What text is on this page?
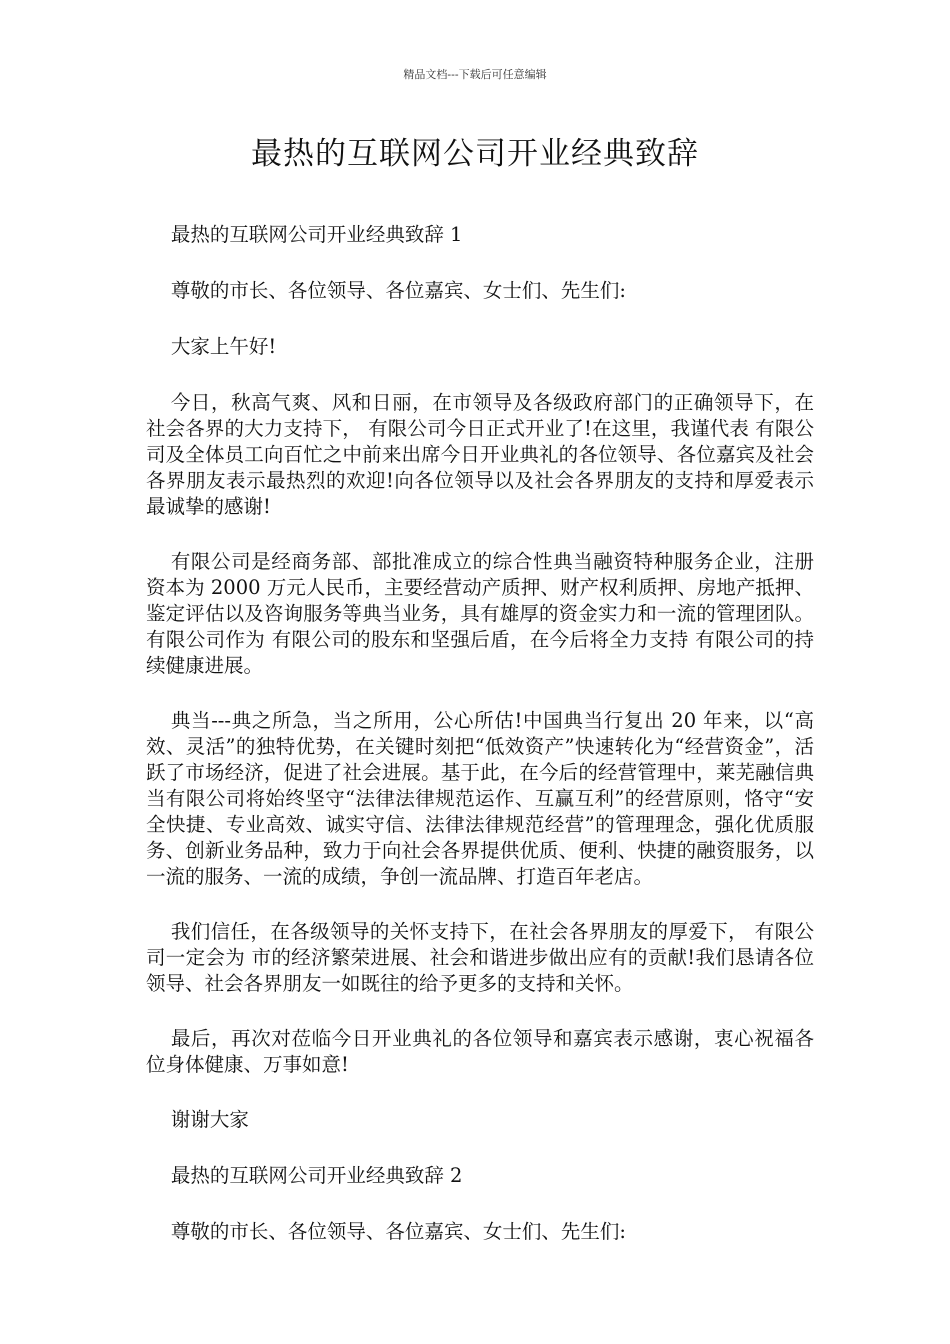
精品文档---下载后可任意编辑
最热的互联网公司开业经典致辞

最热的互联网公司开业经典致辞 1

尊敬的市长、各位领导、各位嘉宾、女士们、先生们:

大家上午好!

今日，秋高气爽、风和日丽，在市领导及各级政府部门的正确领导下，在社会各界的大力支持下， 有限公司今日正式开业了!在这里，我谨代表 有限公司及全体员工向百忙之中前来出席今日开业典礼的各位领导、各位嘉宾及社会各界朋友表示最热烈的欢迎!向各位领导以及社会各界朋友的支持和厚爱表示最诚挚的感谢!

有限公司是经商务部、部批准成立的综合性典当融资特种服务企业，注册资本为 2000 万元人民币，主要经营动产质押、财产权利质押、房地产抵押、鉴定评估以及咨询服务等典当业务，具有雄厚的资金实力和一流的管理团队。 有限公司作为 有限公司的股东和坚强后盾，在今后将全力支持 有限公司的持续健康进展。

典当---典之所急，当之所用，公心所估!中国典当行复出 20 年来，以“高效、灵活”的独特优势，在关键时刻把“低效资产”快速转化为“经营资金”，活跃了市场经济，促进了社会进展。基于此，在今后的经营管理中，莱芜融信典当有限公司将始终坚守“法律法律规范运作、互赢互利”的经营原则，恪守“安全快捷、专业高效、诚实守信、法律法律规范经营”的管理理念，强化优质服务、创新业务品种，致力于向社会各界提供优质、便利、快捷的融资服务，以一流的服务、一流的成绩，争创一流品牌、打造百年老店。

我们信任，在各级领导的关怀支持下，在社会各界朋友的厚爱下， 有限公司一定会为 市的经济繁荣进展、社会和谐进步做出应有的贡献!我们恳请各位领导、社会各界朋友一如既往的给予更多的支持和关怀。

最后，再次对莅临今日开业典礼的各位领导和嘉宾表示感谢，衷心祝福各位身体健康、万事如意!

谢谢大家

最热的互联网公司开业经典致辞 2

尊敬的市长、各位领导、各位嘉宾、女士们、先生们:
